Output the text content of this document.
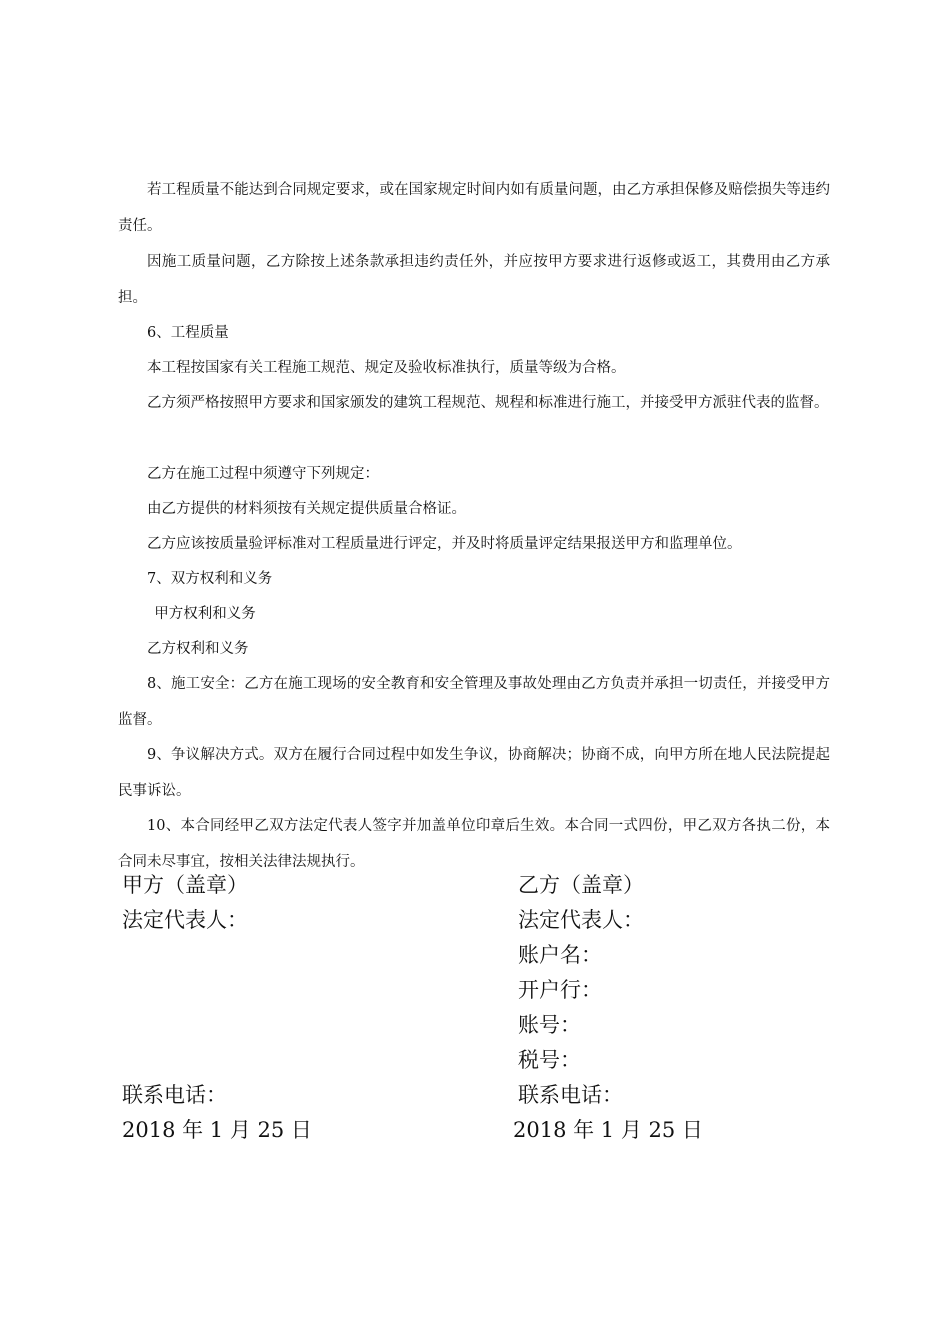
若工程质量不能达到合同规定要求，或在国家规定时间内如有质量问题，由乙方承担保修及赔偿损失等违约责任。

因施工质量问题，乙方除按上述条款承担违约责任外，并应按甲方要求进行返修或返工，其费用由乙方承担。

6、工程质量

本工程按国家有关工程施工规范、规定及验收标准执行，质量等级为合格。

乙方须严格按照甲方要求和国家颁发的建筑工程规范、规程和标准进行施工，并接受甲方派驻代表的监督。

乙方在施工过程中须遵守下列规定：

由乙方提供的材料须按有关规定提供质量合格证。

乙方应该按质量验评标准对工程质量进行评定，并及时将质量评定结果报送甲方和监理单位。

7、双方权利和义务

甲方权利和义务

乙方权利和义务

8、施工安全：乙方在施工现场的安全教育和安全管理及事故处理由乙方负责并承担一切责任，并接受甲方监督。

9、争议解决方式。双方在履行合同过程中如发生争议，协商解决；协商不成，向甲方所在地人民法院提起民事诉讼。

10、本合同经甲乙双方法定代表人签字并加盖单位印章后生效。本合同一式四份，甲乙双方各执二份，本合同未尽事宜，按相关法律法规执行。

甲方（盖章）

法定代表人：

联系电话：

2018 年 1 月 25 日

乙方（盖章）

法定代表人：

账户名：

开户行：

账号：

税号：

联系电话：

2018 年 1 月 25 日
